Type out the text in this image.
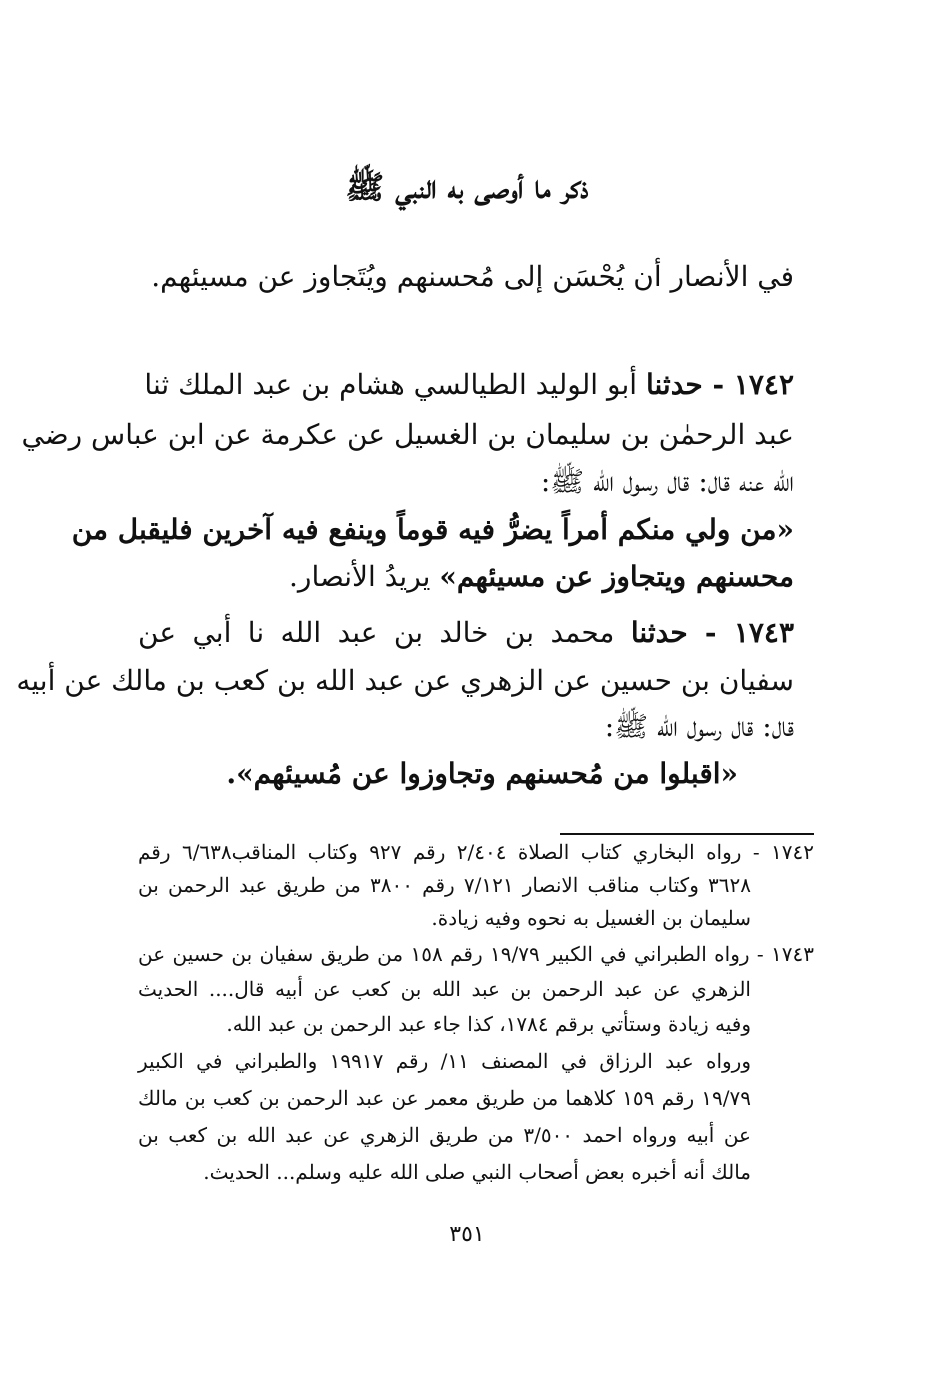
ذكر ما أوصى به النبي ﷺ
في الأنصار أن يُحْسَن إلى مُحسنهم ويُتَجاوز عن مسيئهم.
١٧٤٢ - حدثنا أبو الوليد الطيالسي هشام بن عبد الملك ثنا
عبد الرحمٰن بن سليمان بن الغسيل عن عكرمة عن ابن عباس رضي
الله عنه قال: قال رسول الله ﷺ:
«من ولي منكم أمراً يضرُّ فيه قوماً وينفع فيه آخرين فليقبل من
محسنهم ويتجاوز عن مسيئهم» يريدُ الأنصار.
١٧٤٣ - حدثنا محمد بن خالد بن عبد الله نا أبي عن
سفيان بن حسين عن الزهري عن عبد الله بن كعب بن مالك عن أبيه
قال: قال رسول الله ﷺ:
«اقبلوا من مُحسنهم وتجاوزوا عن مُسيئهم».
١٧٤٢ - رواه البخاري كتاب الصلاة ٢/٤٠٤ رقم ٩٢٧ وكتاب المناقب٦/٦٣٨ رقم
٣٦٢٨ وكتاب مناقب الانصار ٧/١٢١ رقم ٣٨٠٠ من طريق عبد الرحمن بن
سليمان بن الغسيل به نحوه وفيه زيادة.
١٧٤٣ - رواه الطبراني في الكبير ١٩/٧٩ رقم ١٥٨ من طريق سفيان بن حسين عن
الزهري عن عبد الرحمن بن عبد الله بن كعب عن أبيه قال.... الحديث
وفيه زيادة وستأتي برقم ١٧٨٤، كذا جاء عبد الرحمن بن عبد الله.
ورواه عبد الرزاق في المصنف ١١/ رقم ١٩٩١٧ والطبراني في الكبير
١٩/٧٩ رقم ١٥٩ كلاهما من طريق معمر عن عبد الرحمن بن كعب بن مالك
عن أبيه ورواه احمد ٣/٥٠٠ من طريق الزهري عن عبد الله بن كعب بن
مالك أنه أخبره بعض أصحاب النبي صلى الله عليه وسلم... الحديث.
٣٥١
